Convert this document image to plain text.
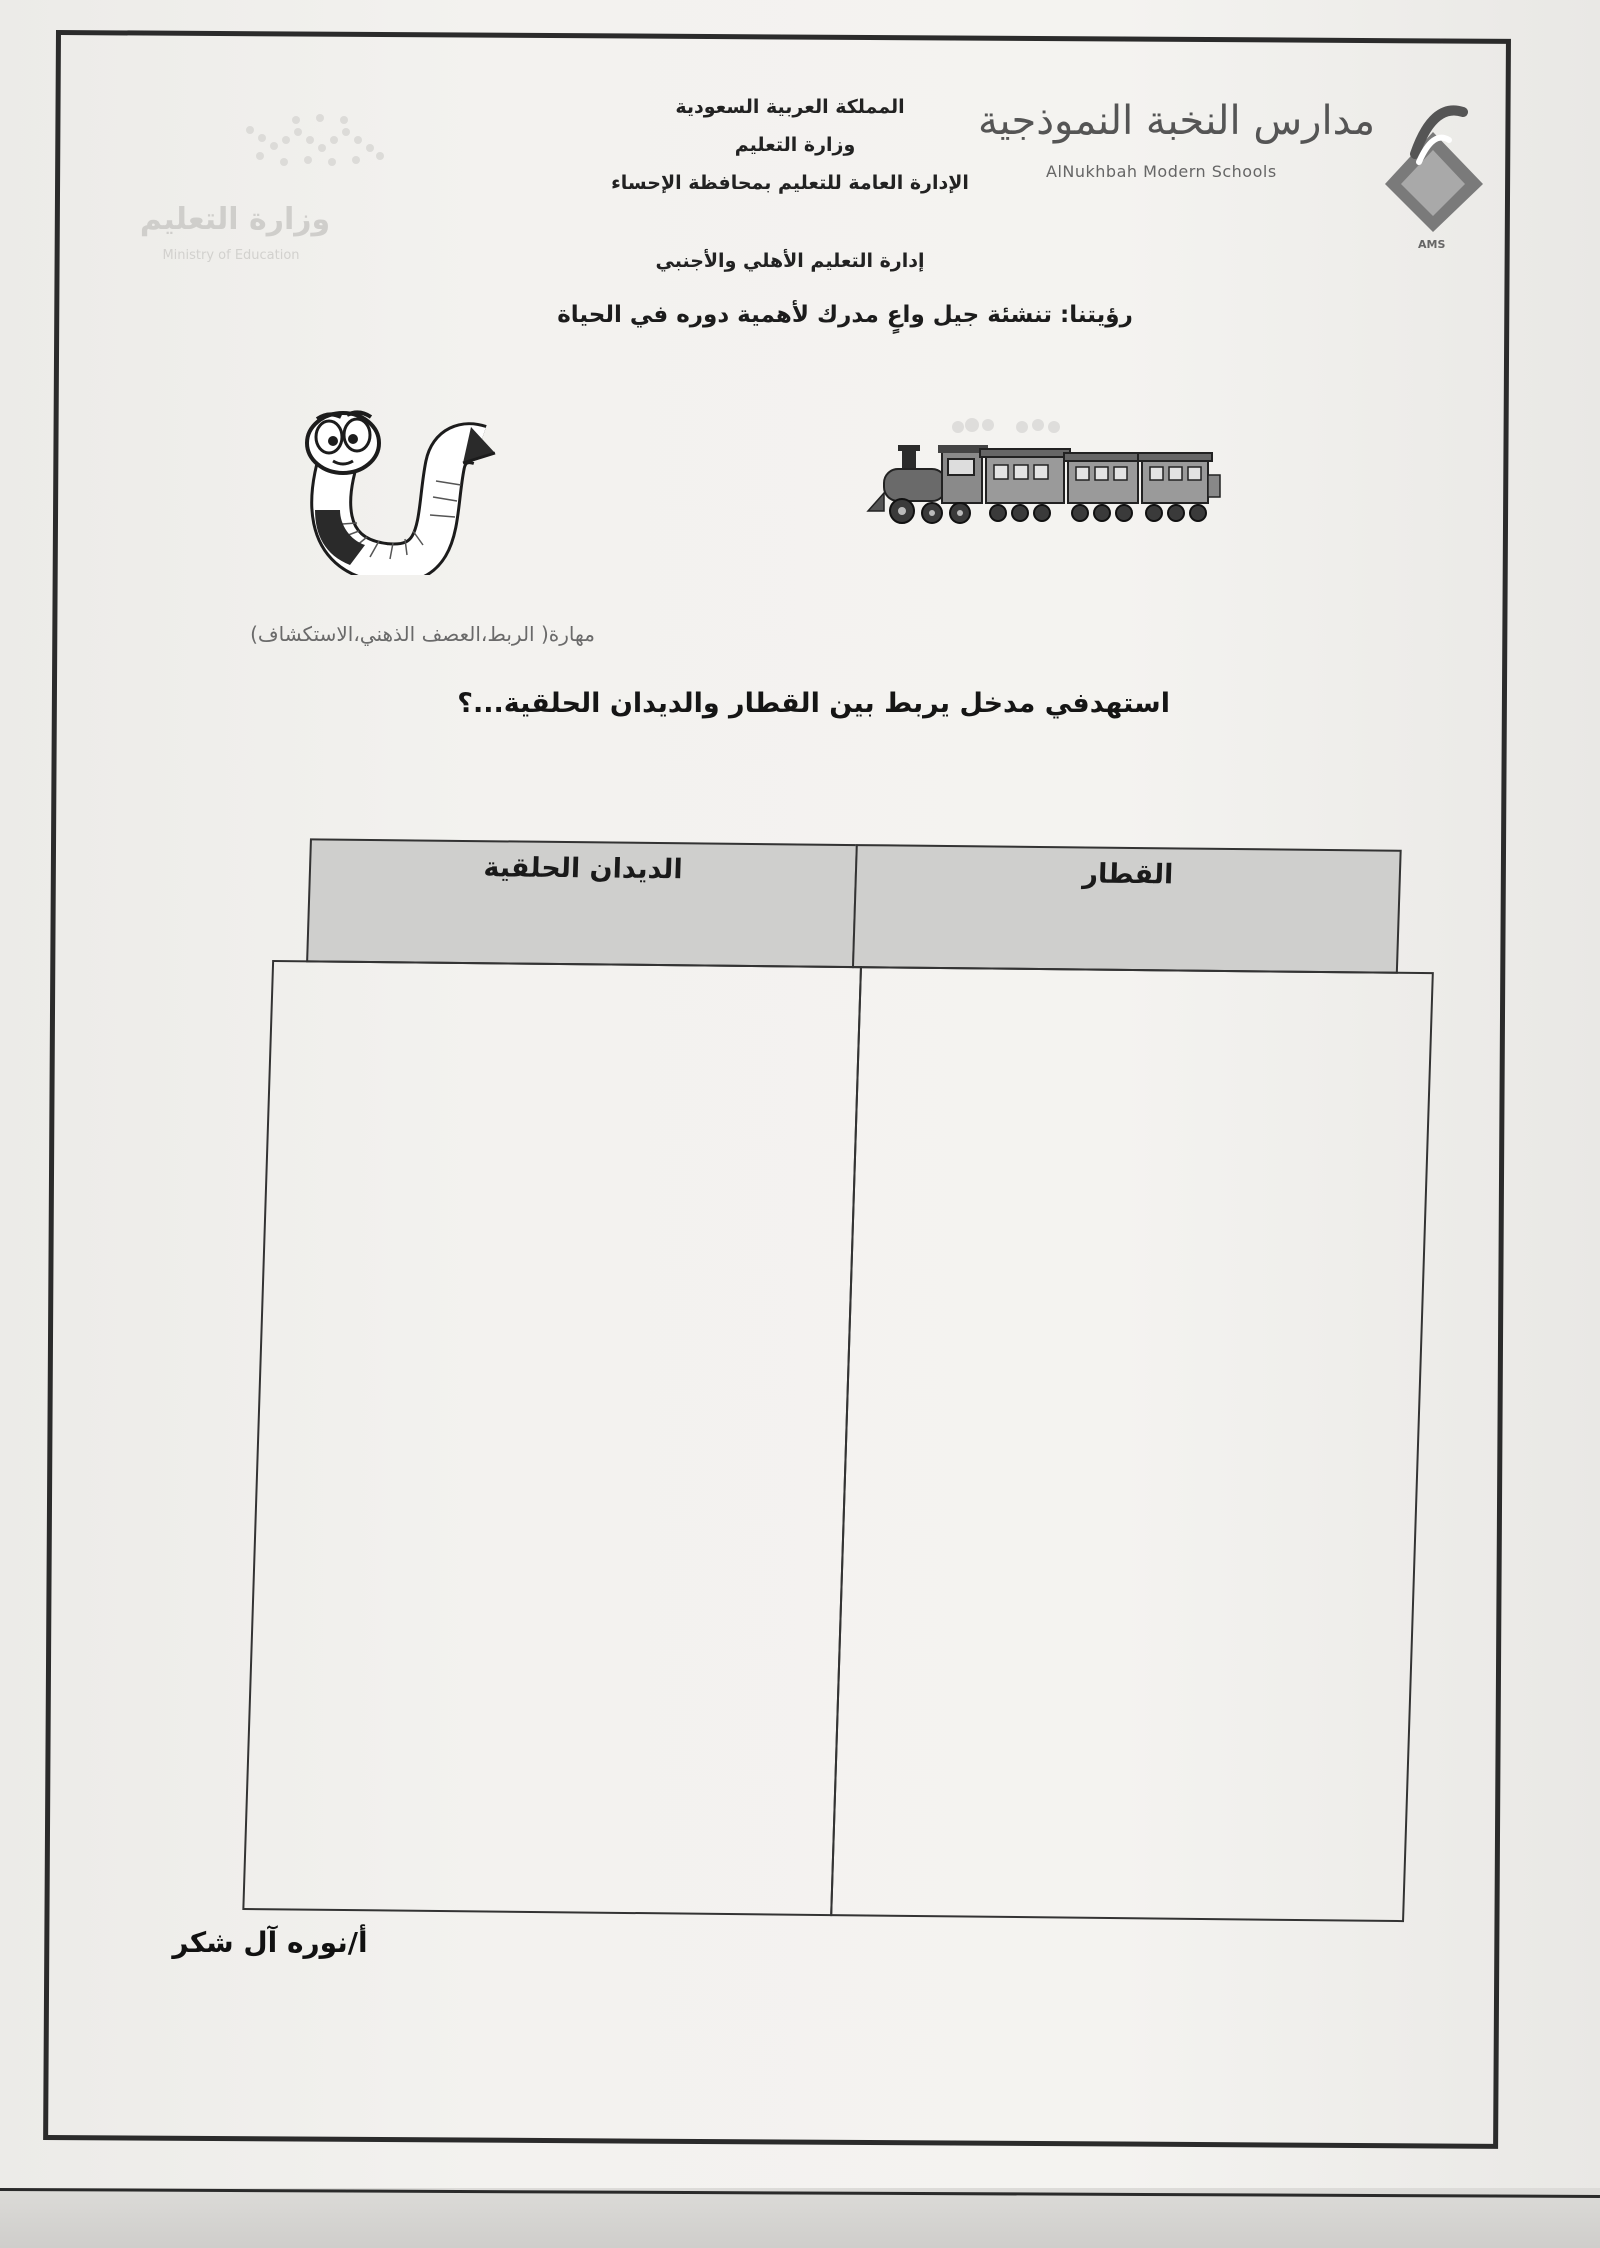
المملكة العربية السعودية
وزارة التعليم
الإدارة العامة للتعليم بمحافظة الإحساء
إدارة التعليم الأهلي والأجنبي
رؤيتنا: تنشئة جيل واعٍ مدرك لأهمية دوره في الحياة
مدارس النخبة النموذجية
AlNukhbah Modern Schools
AMS
وزارة التعليم
Ministry of Education
مهارة( الربط،العصف الذهني،الاستكشاف)
استهدفي مدخل يربط بين القطار والديدان الحلقية...؟
الديدان الحلقية	القطار
أ/نوره آل شكر
